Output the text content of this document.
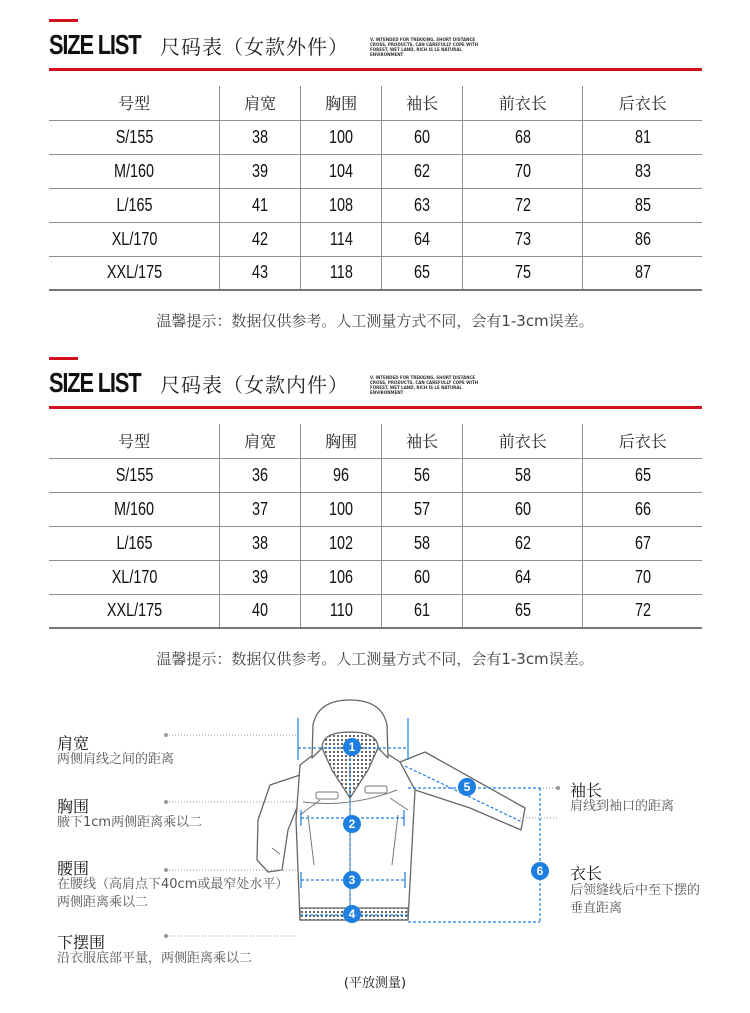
SIZE LIST 尺码表（女款外件）	V. INTENDED FOR TREKKING, SHORT DISTANCE CROSS, PRODUCTS, CAN CAREFULLY COPE WITH FOREST, WET LAND, RICH IS LE NATURAL ENVIRONMENT
号型	肩宽	胸围	袖长	前衣长	后衣长
S/155	38	100	60	68	81
M/160	39	104	62	70	83
L/165	41	108	63	72	85
XL/170	42	114	64	73	86
XXL/175	43	118	65	75	87
温馨提示：数据仅供参考。人工测量方式不同，会有1-3cm误差。
SIZE LIST 尺码表（女款内件）	V. INTENDED FOR TREKKING, SHORT DISTANCE CROSS, PRODUCTS, CAN CAREFULLY COPE WITH FOREST, WET LAND, RICH IS LE NATURAL ENVIRONMENT
号型	肩宽	胸围	袖长	前衣长	后衣长
S/155	36	96	56	58	65
M/160	37	100	57	60	66
L/165	38	102	58	62	67
XL/170	39	106	60	64	70
XXL/175	40	110	61	65	72
温馨提示：数据仅供参考。人工测量方式不同，会有1-3cm误差。
1
2
3
4
5
6
肩宽
两侧肩线之间的距离
胸围
腋下1cm两侧距离乘以二
腰围
在腰线（高肩点下40cm或最窄处水平）两侧距离乘以二
下摆围
沿衣服底部平量，两侧距离乘以二
袖长
肩线到袖口的距离
衣长
后领缝线后中至下摆的垂直距离
(平放测量)
